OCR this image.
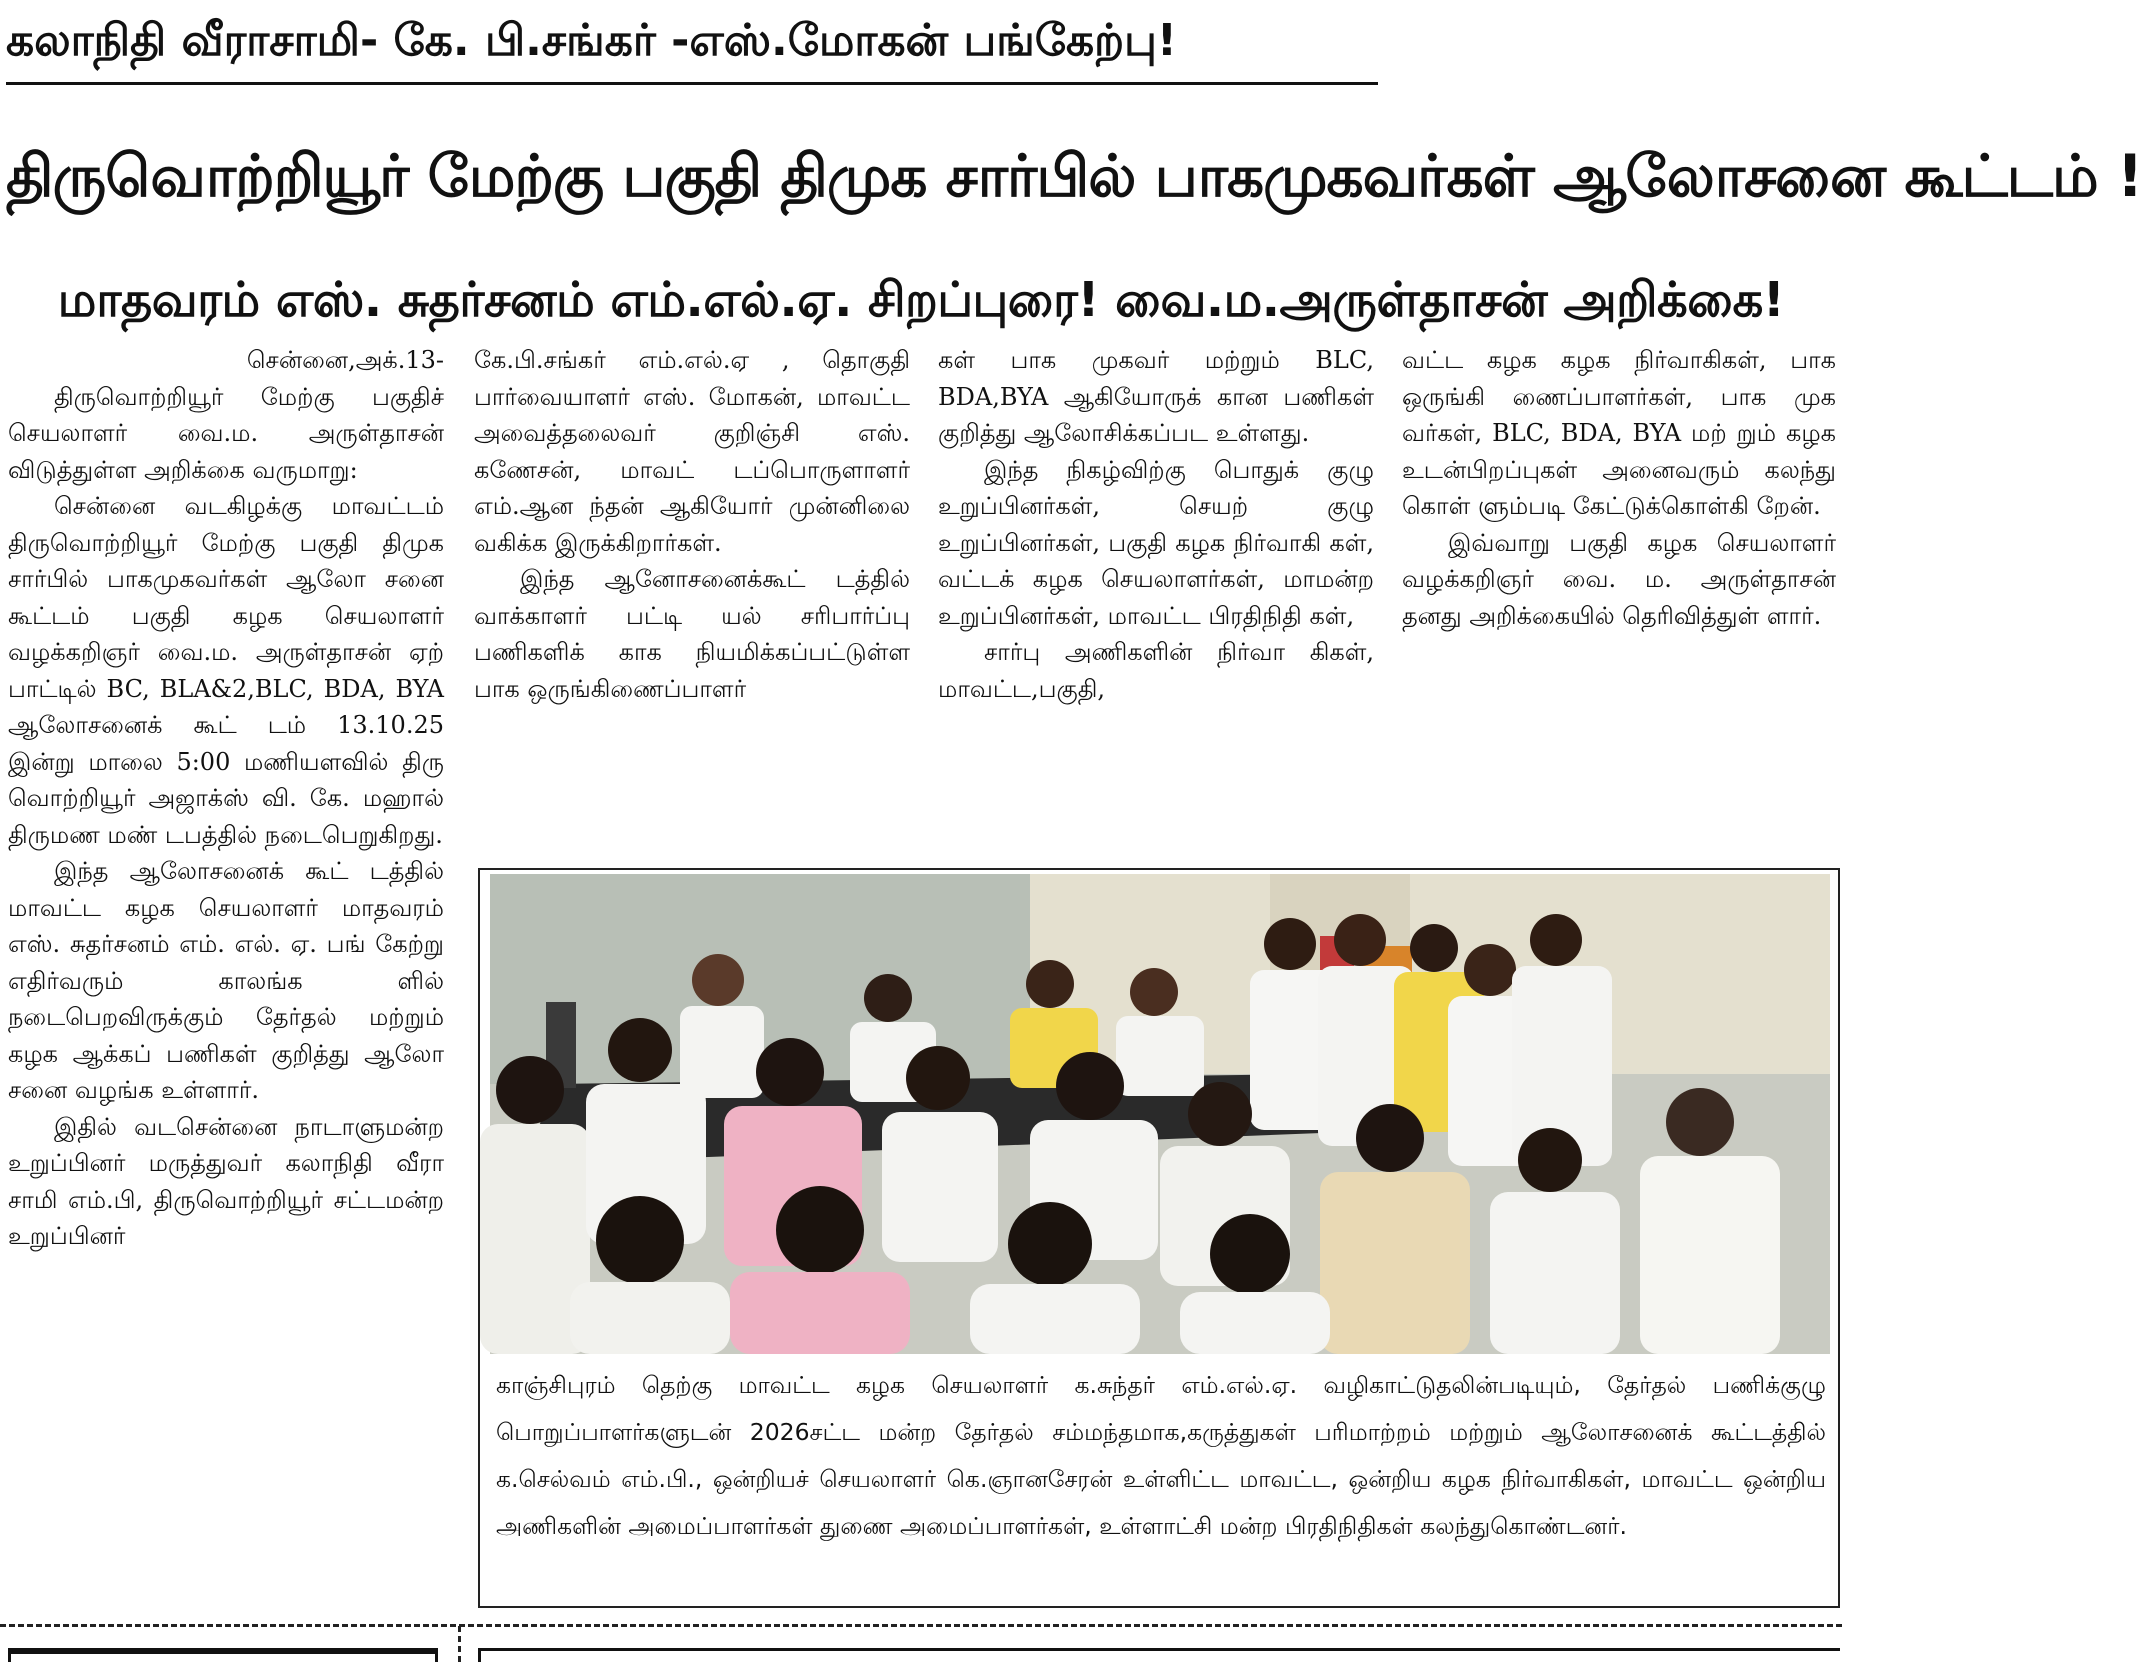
கலாநிதி வீராசாமி- கே. பி.சங்கர் -எஸ்.மோகன் பங்கேற்பு!
திருவொற்றியூர் மேற்கு பகுதி திமுக சார்பில் பாகமுகவர்கள் ஆலோசனை கூட்டம் !
மாதவரம் எஸ். சுதர்சனம் எம்.எல்.ஏ. சிறப்புரை! வை.ம.அருள்தாசன் அறிக்கை!

சென்னை,அக்.13-

திருவொற்றியூர் மேற்கு பகுதிச் செயலாளர் வை.ம. அருள்தாசன் விடுத்துள்ள அறிக்கை வருமாறு:

சென்னை வடகிழக்கு மாவட்டம் திருவொற்றியூர் மேற்கு பகுதி திமுக சார்பில் பாகமுகவர்கள் ஆலோ சனை கூட்டம் பகுதி கழக செயலாளர் வழக்கறிஞர் வை.ம. அருள்தாசன் ஏற் பாட்டில் BC, BLA&2,BLC, BDA, BYA ஆலோசனைக் கூட் டம் 13.10.25 இன்று மாலை 5:00 மணியளவில் திரு வொற்றியூர் அஜாக்ஸ் வி. கே. மஹால் திருமண மண் டபத்தில் நடைபெறுகிறது.

இந்த ஆலோசனைக் கூட் டத்தில் மாவட்ட கழக செயலாளர் மாதவரம் எஸ். சுதர்சனம் எம். எல். ஏ. பங் கேற்று எதிர்வரும் காலங்க ளில் நடைபெறவிருக்கும் தேர்தல் மற்றும் கழக ஆக்கப் பணிகள் குறித்து ஆலோ சனை வழங்க உள்ளார்.

இதில் வடசென்னை நாடாளுமன்ற உறுப்பினர் மருத்துவர் கலாநிதி வீரா சாமி எம்.பி, திருவொற்றியூர் சட்டமன்ற உறுப்பினர்

கே.பி.சங்கர் எம்.எல்.ஏ , தொகுதி பார்வையாளர் எஸ். மோகன், மாவட்ட அவைத்தலைவர் குறிஞ்சி எஸ். கணேசன், மாவட் டப்பொருளாளர் எம்.ஆன ந்தன் ஆகியோர் முன்னிலை வகிக்க இருக்கிறார்கள்.

இந்த ஆனோசனைக்கூட் டத்தில் வாக்காளர் பட்டி யல் சரிபார்ப்பு பணிகளிக் காக நியமிக்கப்பட்டுள்ள பாக ஒருங்கிணைப்பாளர்

கள் பாக முகவர் மற்றும் BLC, BDA,BYA ஆகியோருக் கான பணிகள் குறித்து ஆலோசிக்கப்பட உள்ளது.

இந்த நிகழ்விற்கு பொதுக் குழு உறுப்பினர்கள், செயற் குழு உறுப்பினர்கள், பகுதி கழக நிர்வாகி கள், வட்டக் கழக செயலாளர்கள், மாமன்ற உறுப்பினர்கள், மாவட்ட பிரதிநிதி கள்,

சார்பு அணிகளின் நிர்வா கிகள், மாவட்ட,பகுதி,

வட்ட கழக கழக நிர்வாகிகள், பாக ஒருங்கி ணைப்பாளர்கள், பாக முக வர்கள், BLC, BDA, BYA மற் றும் கழக உடன்பிறப்புகள் அனைவரும் கலந்து கொள் ளும்படி கேட்டுக்கொள்கி றேன்.

இவ்வாறு பகுதி கழக செயலாளர் வழக்கறிஞர் வை. ம. அருள்தாசன் தனது அறிக்கையில் தெரிவித்துள் ளார்.

காஞ்சிபுரம் தெற்கு மாவட்ட கழக செயலாளர் க.சுந்தர் எம்.எல்.ஏ. வழிகாட்டுதலின்படியும், தேர்தல் பணிக்குழு பொறுப்பாளர்களுடன் 2026சட்ட மன்ற தேர்தல் சம்மந்தமாக,கருத்துகள் பரிமாற்றம் மற்றும் ஆலோசனைக் கூட்டத்தில் க.செல்வம் எம்.பி., ஒன்றியச் செயலாளர் கெ.ஞானசேரன் உள்ளிட்ட மாவட்ட, ஒன்றிய கழக நிர்வாகிகள், மாவட்ட ஒன்றிய அணிகளின் அமைப்பாளர்கள் துணை அமைப்பாளர்கள், உள்ளாட்சி மன்ற பிரதிநிதிகள் கலந்துகொண்டனர்.
